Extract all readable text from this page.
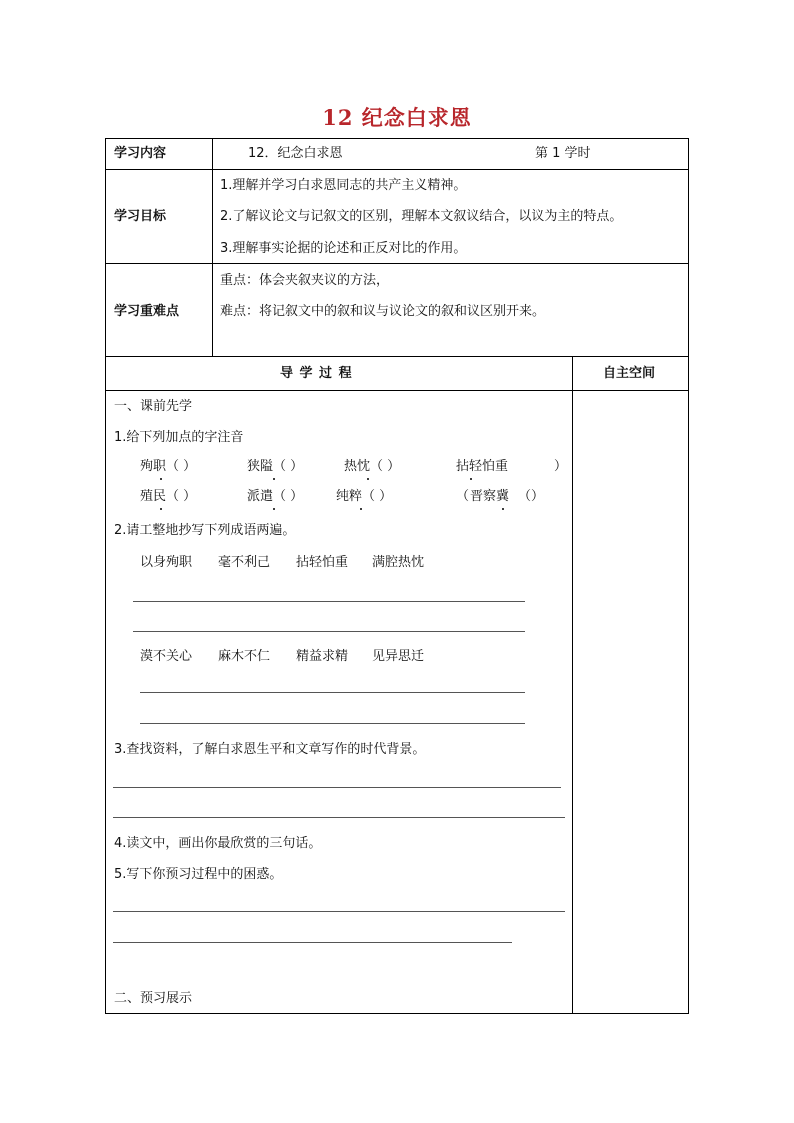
12 纪念白求恩
学习内容	12．纪念白求恩	第 1 学时
学习目标
1.理解并学习白求恩同志的共产主义精神。
2.了解议论文与记叙文的区别，理解本文叙议结合，以议为主的特点。
3.理解事实论据的论述和正反对比的作用。
学习重难点
重点：体会夹叙夹议的方法，
难点：将记叙文中的叙和议与议论文的叙和议区别开来。
导 学 过 程	自主空间
一、课前先学
1.给下列加点的字注音
殉职（ ）	狭隘（ ）	热忱（ ）	拈轻怕重	）
殖民（ ）	派遣（ ）	纯粹（ ）	（ 晋察冀 （）
2.请工整地抄写下列成语两遍。
以身殉职 毫不利己 拈轻怕重 满腔热忱
漠不关心 麻木不仁 精益求精 见异思迁
3.查找资料，了解白求恩生平和文章写作的时代背景。
4.读文中，画出你最欣赏的三句话。
5.写下你预习过程中的困惑。
二、预习展示
